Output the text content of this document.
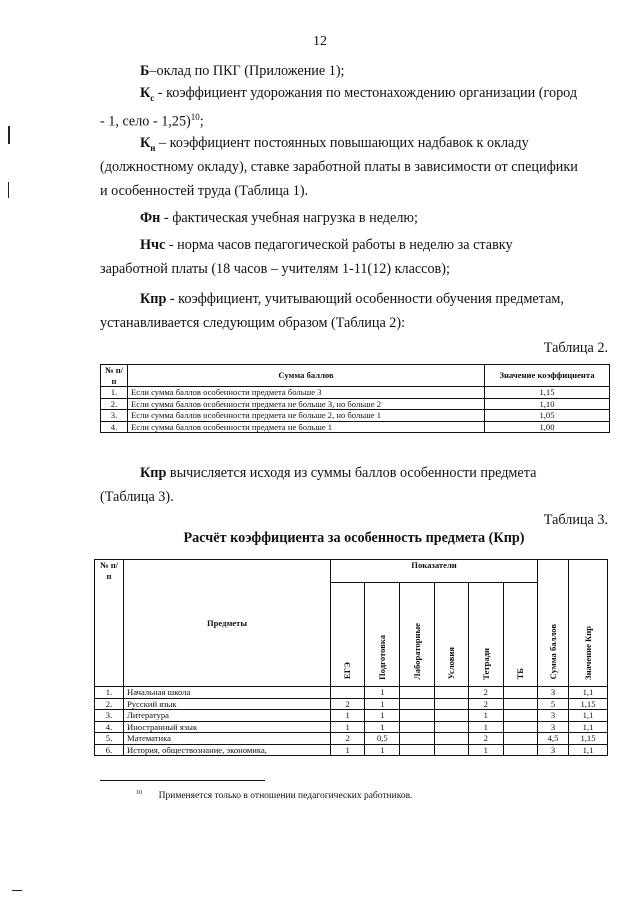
12
Б–оклад по ПКГ (Приложение 1);
$К_с$ - коэффициент удорожания по местонахождению организации (город
- 1, село - 1,25)$^{10}$;
$К_н$ – коэффициент постоянных повышающих надбавок к окладу
(должностному окладу), ставке заработной платы в зависимости от специфики
и особенностей труда (Таблица 1).
Фн - фактическая учебная нагрузка в неделю;
Нчс - норма часов педагогической работы в неделю за ставку
заработной платы (18 часов – учителям 1-11(12) классов);
Кпр - коэффициент, учитывающий особенности обучения предметам,
устанавливается следующим образом (Таблица 2):
Таблица 2.
№ п/п	Сумма баллов	Значение коэффициента
1.	Если сумма баллов особенности предмета больше 3	1,15
2.	Если сумма баллов особенности предмета не больше 3, но больше 2	1,10
3.	Если сумма баллов особенности предмета не больше 2, но больше 1	1,05
4.	Если сумма баллов особенности предмета не больше 1	1,00
Кпр вычисляется исходя из суммы баллов особенности предмета
(Таблица 3).
Таблица 3.
Расчёт коэффициента за особенность предмета (Кпр)
№ п/п	Предметы	Показатели						Сумма баллов	Значение Кпр
		ЕГЭ	Подготовка	Лабораторные	Условия	Тетради	ТБ		
1.	Начальная школа		1			2		3	1,1
2.	Русский язык	2	1			2		5	1,15
3.	Литература	1	1			1		3	1,1
4.	Иностранный язык	1	1			1		3	1,1
5.	Математика	2	0,5			2		4,5	1,15
6.	История, обществознание, экономика,	1	1			1		3	1,1
$^{10}$ Применяется только в отношении педагогических работников.
